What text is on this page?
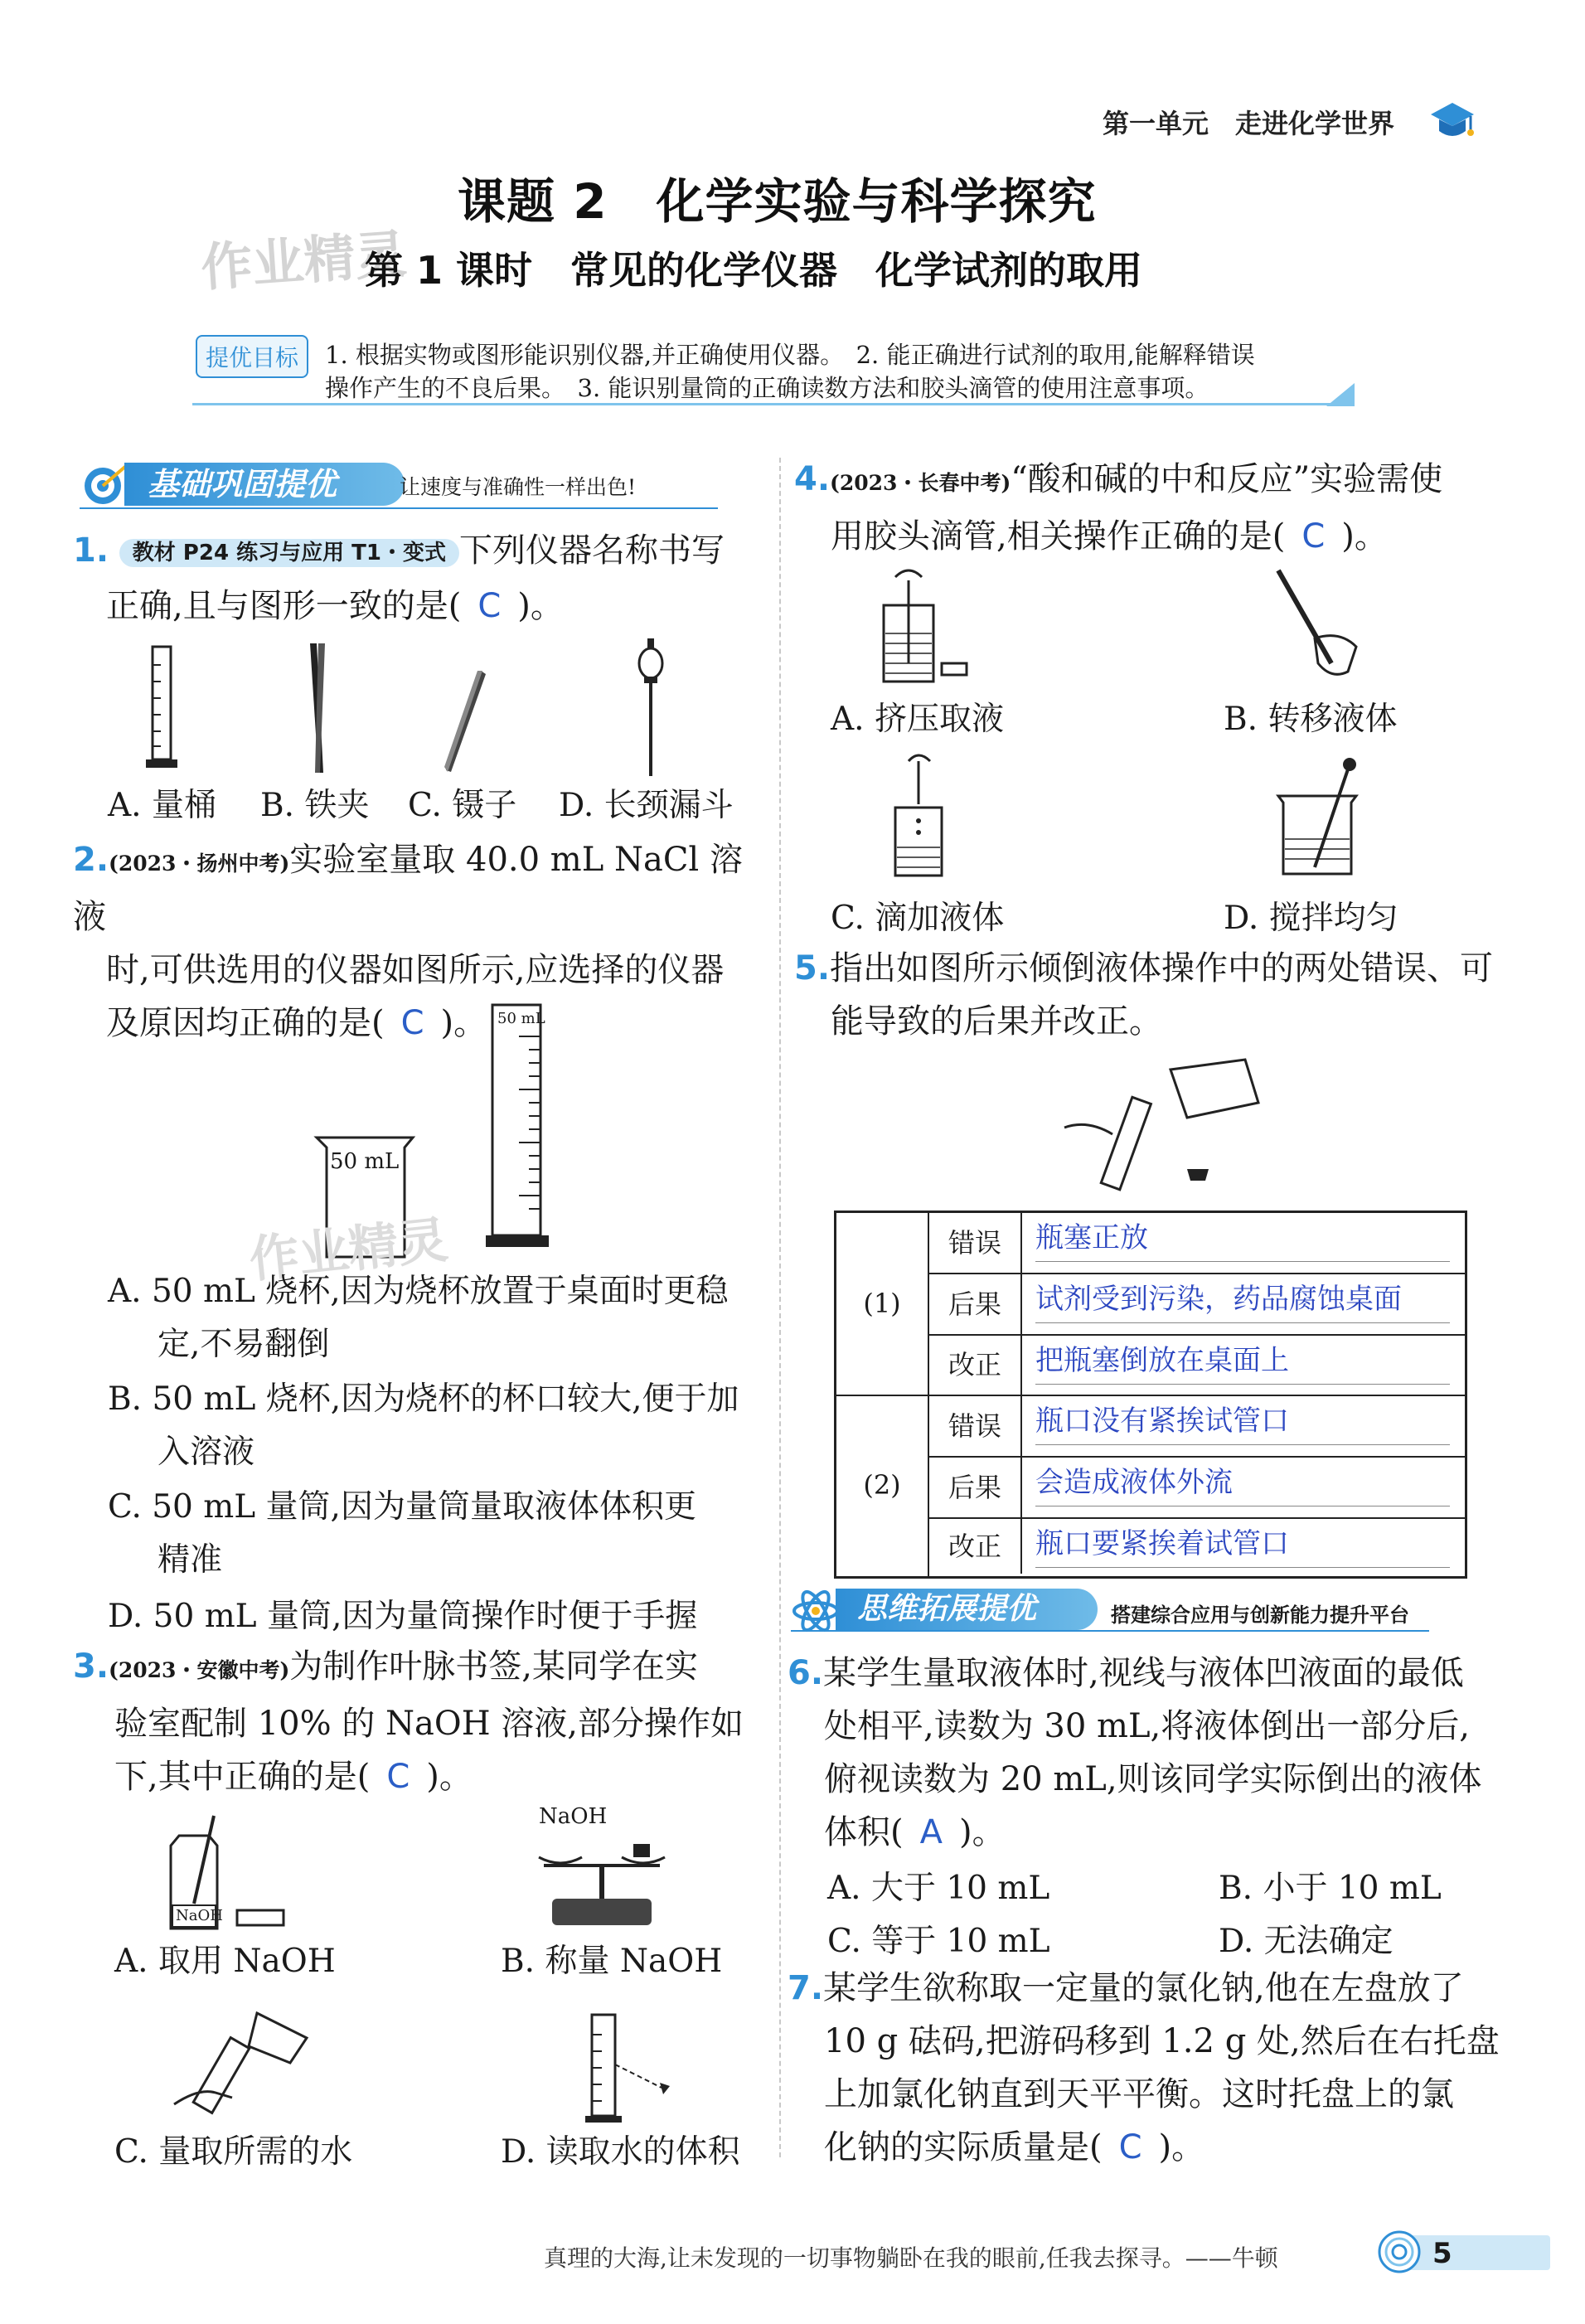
第一单元　走进化学世界
课题 2　化学实验与科学探究
作业精灵
第 1 课时　常见的化学仪器　化学试剂的取用
提优目标	1. 根据实物或图形能识别仪器,并正确使用仪器。　2. 能正确进行试剂的取用,能解释错误
操作产生的不良后果。　3. 能识别量筒的正确读数方法和胶头滴管的使用注意事项。
基础巩固提优	让速度与准确性一样出色!
1. 教材 P24 练习与应用 T1・变式 下列仪器名称书写
正确,且与图形一致的是( C )。
A. 量桶 B. 铁夹 C. 镊子 D. 长颈漏斗
2.(2023・扬州中考)实验室量取 40.0 mL NaCl 溶液
时,可供选用的仪器如图所示,应选择的仪器
及原因均正确的是( C )。
50 mL
50 mL
作业精灵
A. 50 mL 烧杯,因为烧杯放置于桌面时更稳
定,不易翻倒
B. 50 mL 烧杯,因为烧杯的杯口较大,便于加
入溶液
C. 50 mL 量筒,因为量筒量取液体体积更
精准
D. 50 mL 量筒,因为量筒操作时便于手握
3.(2023・安徽中考)为制作叶脉书签,某同学在实
验室配制 10% 的 NaOH 溶液,部分操作如
下,其中正确的是( C )。
NaOH
NaOH
A. 取用 NaOH	B. 称量 NaOH
C. 量取所需的水	D. 读取水的体积
4.(2023・长春中考)“酸和碱的中和反应”实验需使
用胶头滴管,相关操作正确的是( C )。
A. 挤压取液	B. 转移液体
C. 滴加液体	D. 搅拌均匀
5.指出如图所示倾倒液体操作中的两处错误、可
能导致的后果并改正。
(1)
(2)
错误	瓶塞正放
后果	试剂受到污染，药品腐蚀桌面
改正	把瓶塞倒放在桌面上
错误	瓶口没有紧挨试管口
后果	会造成液体外流
改正	瓶口要紧挨着试管口
思维拓展提优	搭建综合应用与创新能力提升平台
6.某学生量取液体时,视线与液体凹液面的最低
处相平,读数为 30 mL,将液体倒出一部分后,
俯视读数为 20 mL,则该同学实际倒出的液体
体积( A )。
A. 大于 10 mL	B. 小于 10 mL
C. 等于 10 mL	D. 无法确定
7.某学生欲称取一定量的氯化钠,他在左盘放了
10 g 砝码,把游码移到 1.2 g 处,然后在右托盘
上加氯化钠直到天平平衡。这时托盘上的氯
化钠的实际质量是( C )。
真理的大海,让未发现的一切事物躺卧在我的眼前,任我去探寻。——牛顿	5
